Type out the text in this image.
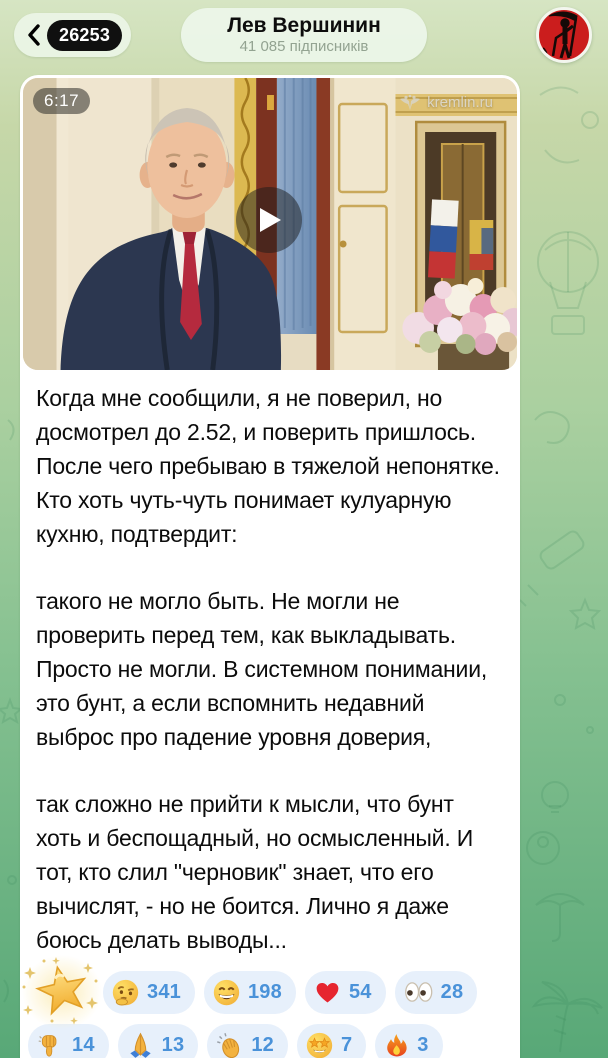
26253	Лев Вершинин
41 085 підписників
6:17	kremlin.ru

Когда мне сообщили, я не поверил, но досмотрел до 2.52, и поверить пришлось. После чего пребываю в тяжелой непонятке. Кто хоть чуть-чуть понимает кулуарную кухню, подтвердит:

такого не могло быть. Не могли не проверить перед тем, как выкладывать. Просто не могли. В системном понимании, это бунт, а если вспомнить недавний выброс про падение уровня доверия,

так сложно не прийти к мысли, что бунт хоть и беспощадный, но осмысленный. И тот, кто слил "черновик" знает, что его вычислят, - но не боится. Лично я даже боюсь делать выводы...

341	198	54	28
14	13	12	7	3
